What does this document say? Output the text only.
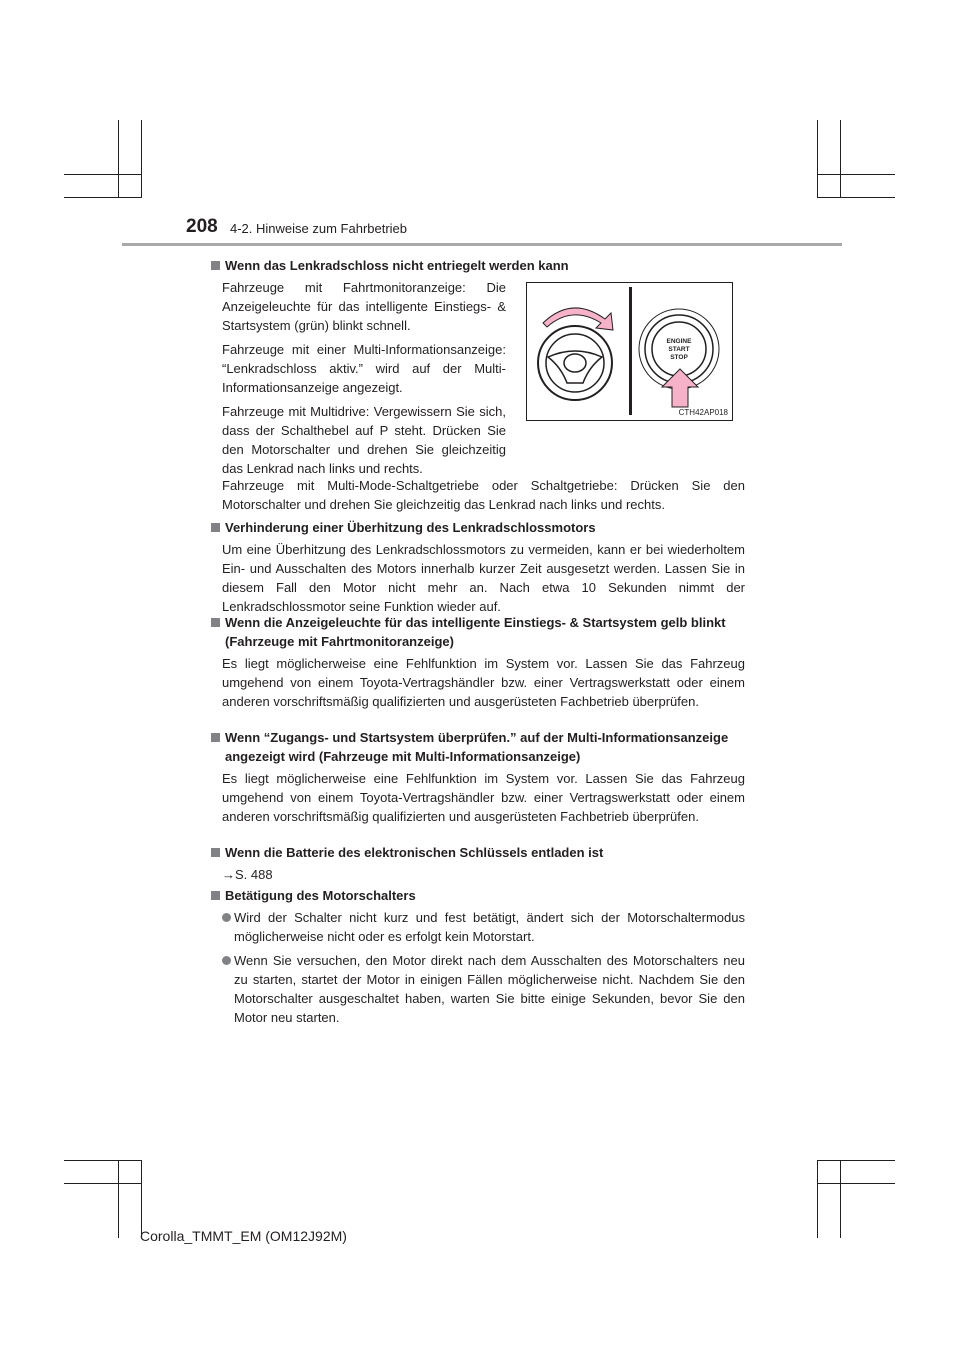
208 4-2. Hinweise zum Fahrbetrieb
Wenn das Lenkradschloss nicht entriegelt werden kann

Fahrzeuge mit Fahrtmonitoranzeige: Die Anzeigeleuchte für das intelligente Einstiegs- & Startsystem (grün) blinkt schnell.

Fahrzeuge mit einer Multi-Informationsanzeige: “Lenkradschloss aktiv.” wird auf der Multi-Informationsanzeige angezeigt.

Fahrzeuge mit Multidrive: Vergewissern Sie sich, dass der Schalthebel auf P steht. Drücken Sie den Motorschalter und drehen Sie gleichzeitig das Lenkrad nach links und rechts.

Fahrzeuge mit Multi-Mode-Schaltgetriebe oder Schaltgetriebe: Drücken Sie den Motorschalter und drehen Sie gleichzeitig das Lenkrad nach links und rechts.

ENGINE
START
STOP
CTH42AP018
Verhinderung einer Überhitzung des Lenkradschlossmotors

Um eine Überhitzung des Lenkradschlossmotors zu vermeiden, kann er bei wiederholtem Ein- und Ausschalten des Motors innerhalb kurzer Zeit ausgesetzt werden. Lassen Sie in diesem Fall den Motor nicht mehr an. Nach etwa 10 Sekunden nimmt der Lenkradschlossmotor seine Funktion wieder auf.

Wenn die Anzeigeleuchte für das intelligente Einstiegs- & Startsystem gelb blinkt (Fahrzeuge mit Fahrtmonitoranzeige)

Es liegt möglicherweise eine Fehlfunktion im System vor. Lassen Sie das Fahrzeug umgehend von einem Toyota-Vertragshändler bzw. einer Vertragswerkstatt oder einem anderen vorschriftsmäßig qualifizierten und ausgerüsteten Fachbetrieb überprüfen.

Wenn “Zugangs- und Startsystem überprüfen.” auf der Multi-Informationsanzeige angezeigt wird (Fahrzeuge mit Multi-Informationsanzeige)

Es liegt möglicherweise eine Fehlfunktion im System vor. Lassen Sie das Fahrzeug umgehend von einem Toyota-Vertragshändler bzw. einer Vertragswerkstatt oder einem anderen vorschriftsmäßig qualifizierten und ausgerüsteten Fachbetrieb überprüfen.

Wenn die Batterie des elektronischen Schlüssels entladen ist

→S. 488

Betätigung des Motorschalters
Wird der Schalter nicht kurz und fest betätigt, ändert sich der Motorschaltermodus möglicherweise nicht oder es erfolgt kein Motorstart.
Wenn Sie versuchen, den Motor direkt nach dem Ausschalten des Motorschalters neu zu starten, startet der Motor in einigen Fällen möglicherweise nicht. Nachdem Sie den Motorschalter ausgeschaltet haben, warten Sie bitte einige Sekunden, bevor Sie den Motor neu starten.
Corolla_TMMT_EM (OM12J92M)
